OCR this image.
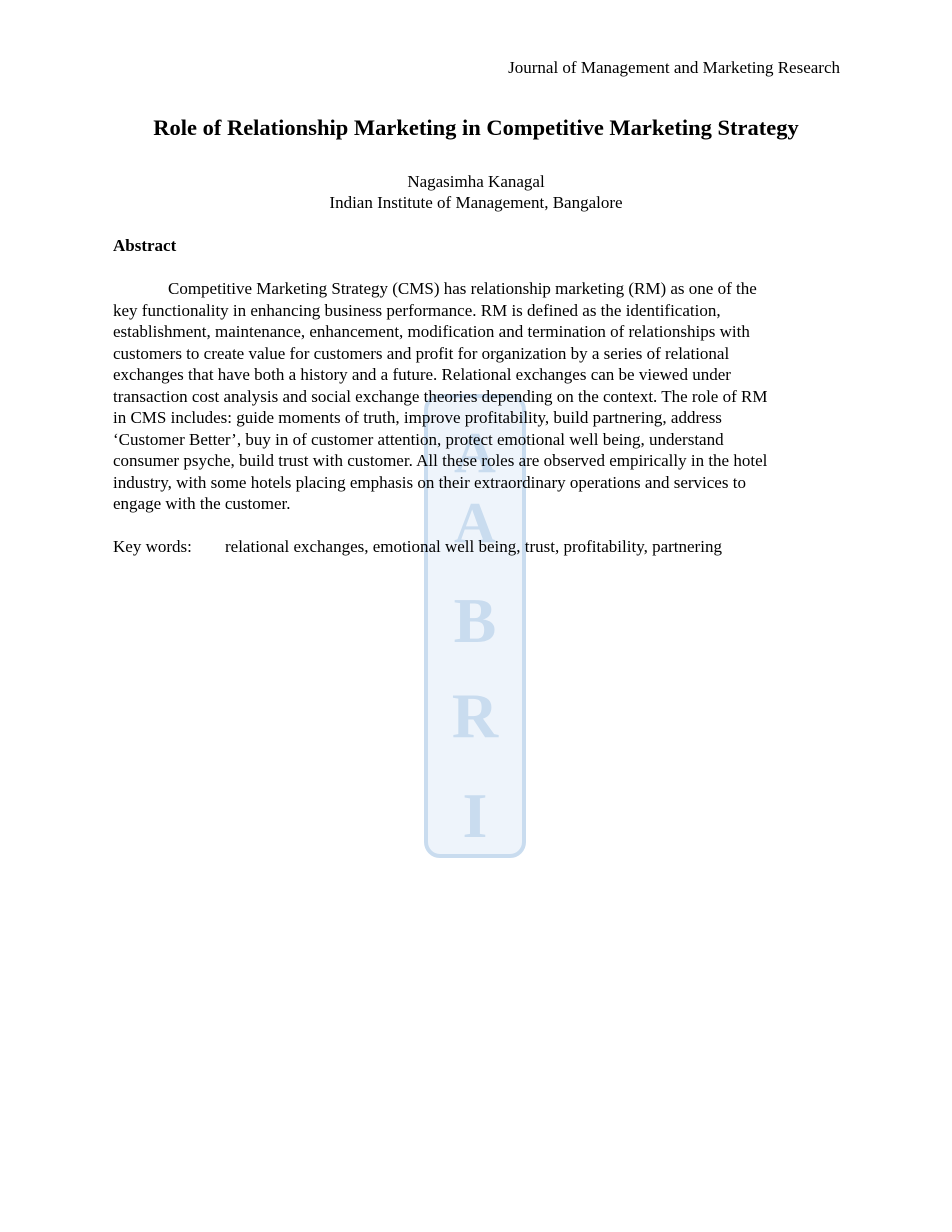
A
A
B
R
I
Journal of Management and Marketing Research
Role of Relationship Marketing in Competitive Marketing Strategy
Nagasimha Kanagal
Indian Institute of Management, Bangalore
Abstract
Competitive Marketing Strategy (CMS) has relationship marketing (RM) as one of the
key functionality in enhancing business performance. RM is defined as the identification,
establishment, maintenance, enhancement, modification and termination of relationships with
customers to create value for customers and profit for organization by a series of relational
exchanges that have both a history and a future. Relational exchanges can be viewed under
transaction cost analysis and social exchange theories depending on the context. The role of RM
in CMS includes: guide moments of truth, improve profitability, build partnering, address
‘Customer Better’, buy in of customer attention, protect emotional well being, understand
consumer psyche, build trust with customer. All these roles are observed empirically in the hotel
industry, with some hotels placing emphasis on their extraordinary operations and services to
engage with the customer.
Key words: relational exchanges, emotional well being, trust, profitability, partnering
